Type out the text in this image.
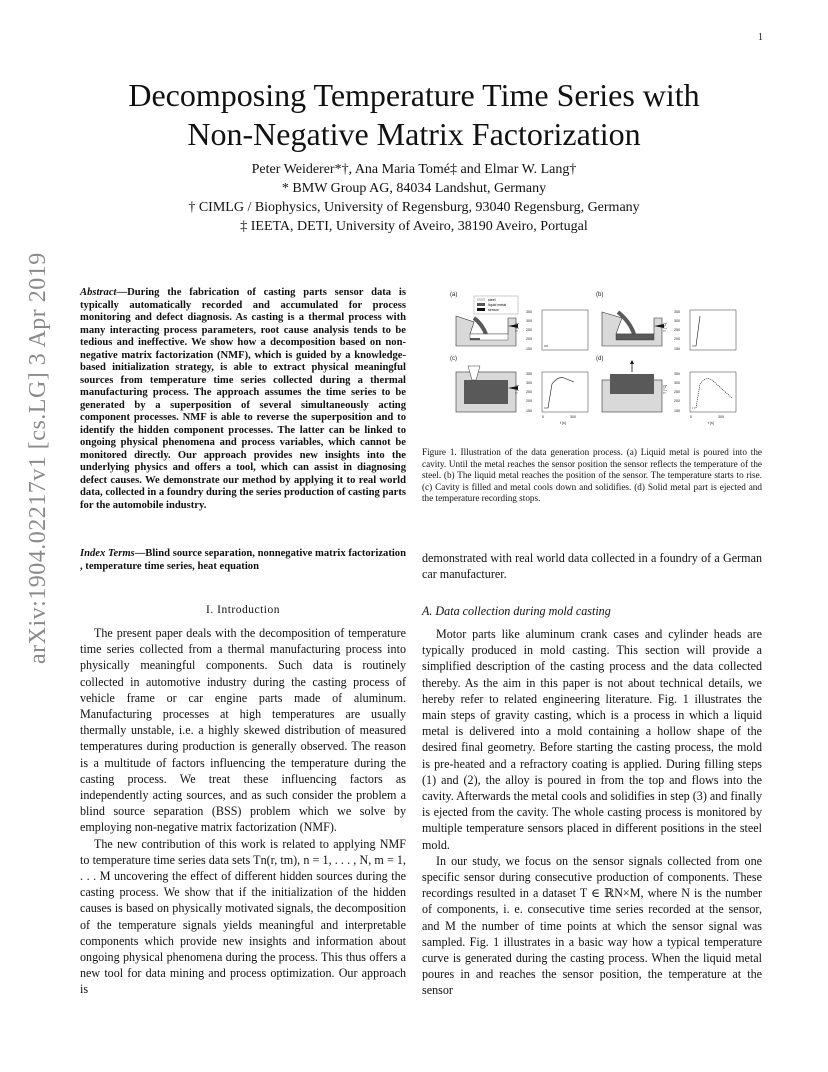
1
arXiv:1904.02217v1 [cs.LG] 3 Apr 2019
Decomposing Temperature Time Series with
Non-Negative Matrix Factorization
Peter Weiderer*†, Ana Maria Tomé‡ and Elmar W. Lang†
* BMW Group AG, 84034 Landshut, Germany
† CIMLG / Biophysics, University of Regensburg, 93040 Regensburg, Germany
‡ IEETA, DETI, University of Aveiro, 38190 Aveiro, Portugal
Abstract—During the fabrication of casting parts sensor data is typically automatically recorded and accumulated for process monitoring and defect diagnosis. As casting is a thermal process with many interacting process parameters, root cause analysis tends to be tedious and ineffective. We show how a decomposition based on non-negative matrix factorization (NMF), which is guided by a knowledge-based initialization strategy, is able to extract physical meaningful sources from temperature time series collected during a thermal manufacturing process. The approach assumes the time series to be generated by a superposition of several simultaneously acting component processes. NMF is able to reverse the superposition and to identify the hidden component processes. The latter can be linked to ongoing physical phenomena and process variables, which cannot be monitored directly. Our approach provides new insights into the underlying physics and offers a tool, which can assist in diagnosing defect causes. We demonstrate our method by applying it to real world data, collected in a foundry during the series production of casting parts for the automobile industry.
Index Terms—Blind source separation, nonnegative matrix factorization , temperature time series, heat equation
I. Introduction

The present paper deals with the decomposition of temperature time series collected from a thermal manufacturing process into physically meaningful components. Such data is routinely collected in automotive industry during the casting process of vehicle frame or car engine parts made of aluminum. Manufacturing processes at high temperatures are usually thermally unstable, i.e. a highly skewed distribution of measured temperatures during production is generally observed. The reason is a multitude of factors influencing the temperature during the casting process. We treat these influencing factors as independently acting sources, and as such consider the problem a blind source separation (BSS) problem which we solve by employing non-negative matrix factorization (NMF).

The new contribution of this work is related to applying NMF to temperature time series data sets Tn(r, tm), n = 1, . . . , N, m = 1, . . . M uncovering the effect of different hidden sources during the casting process. We show that if the initialization of the hidden causes is based on physically motivated signals, the decomposition of the temperature signals yields meaningful and interpretable components which provide new insights and information about ongoing physical phenomena during the process. This thus offers a new tool for data mining and process optimization. Our approach is

(a)	(b)
(c)	(d)
steel
liquid metal
sensor	350
300
250
200
150
T [°C]
350
300
250
200
150
T [°C]
350
300
250
200
150
T [°C]
0	300
t [s]
350
300
250
200
150
T [°C]
0	300
t [s]
Figure 1. Illustration of the data generation process. (a) Liquid metal is poured into the cavity. Until the metal reaches the sensor position the sensor reflects the temperature of the steel. (b) The liquid metal reaches the position of the sensor. The temperature starts to rise. (c) Cavity is filled and metal cools down and solidifies. (d) Solid metal part is ejected and the temperature recording stops.
demonstrated with real world data collected in a foundry of a German car manufacturer.
A. Data collection during mold casting

Motor parts like aluminum crank cases and cylinder heads are typically produced in mold casting. This section will provide a simplified description of the casting process and the data collected thereby. As the aim in this paper is not about technical details, we hereby refer to related engineering literature. Fig. 1 illustrates the main steps of gravity casting, which is a process in which a liquid metal is delivered into a mold containing a hollow shape of the desired final geometry. Before starting the casting process, the mold is pre-heated and a refractory coating is applied. During filling steps (1) and (2), the alloy is poured in from the top and flows into the cavity. Afterwards the metal cools and solidifies in step (3) and finally is ejected from the cavity. The whole casting process is monitored by multiple temperature sensors placed in different positions in the steel mold.

In our study, we focus on the sensor signals collected from one specific sensor during consecutive production of components. These recordings resulted in a dataset T ∈ ℝN×M, where N is the number of components, i. e. consecutive time series recorded at the sensor, and M the number of time points at which the sensor signal was sampled. Fig. 1 illustrates in a basic way how a typical temperature curve is generated during the casting process. When the liquid metal poures in and reaches the sensor position, the temperature at the sensor
